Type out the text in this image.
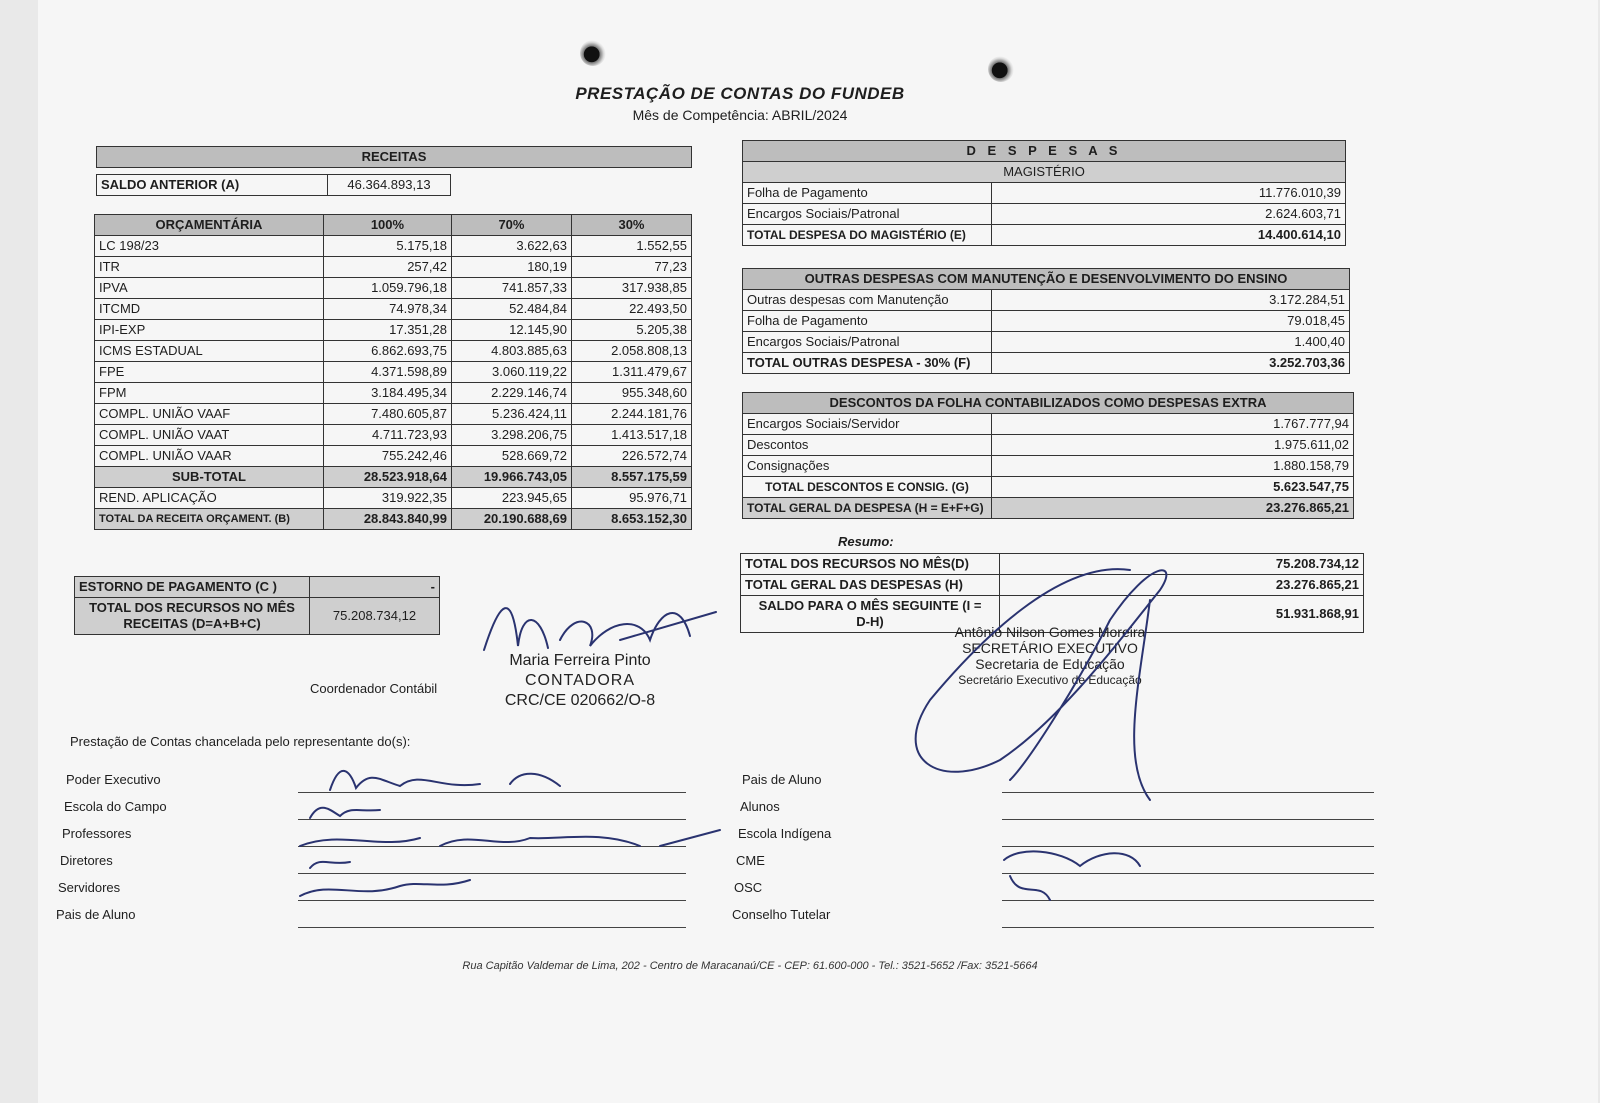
PRESTAÇÃO DE CONTAS DO FUNDEB
Mês de Competência: ABRIL/2024
RECEITAS
SALDO ANTERIOR (A)	46.364.893,13
ORÇAMENTÁRIA	100%	70%	30%
LC 198/23	5.175,18	3.622,63	1.552,55
ITR	257,42	180,19	77,23
IPVA	1.059.796,18	741.857,33	317.938,85
ITCMD	74.978,34	52.484,84	22.493,50
IPI-EXP	17.351,28	12.145,90	5.205,38
ICMS ESTADUAL	6.862.693,75	4.803.885,63	2.058.808,13
FPE	4.371.598,89	3.060.119,22	1.311.479,67
FPM	3.184.495,34	2.229.146,74	955.348,60
COMPL. UNIÃO VAAF	7.480.605,87	5.236.424,11	2.244.181,76
COMPL. UNIÃO VAAT	4.711.723,93	3.298.206,75	1.413.517,18
COMPL. UNIÃO VAAR	755.242,46	528.669,72	226.572,74
SUB-TOTAL	28.523.918,64	19.966.743,05	8.557.175,59
REND. APLICAÇÃO	319.922,35	223.945,65	95.976,71
TOTAL DA RECEITA ORÇAMENT. (B)	28.843.840,99	20.190.688,69	8.653.152,30
ESTORNO DE PAGAMENTO (C )	-
TOTAL DOS RECURSOS NO MÊS
RECEITAS (D=A+B+C)	75.208.734,12
D E S P E S A S	
MAGISTÉRIO	
Folha de Pagamento	11.776.010,39
Encargos Sociais/Patronal	2.624.603,71
TOTAL DESPESA DO MAGISTÉRIO (E)	14.400.614,10
OUTRAS DESPESAS COM MANUTENÇÃO E DESENVOLVIMENTO DO ENSINO	
Outras despesas com Manutenção	3.172.284,51
Folha de Pagamento	79.018,45
Encargos Sociais/Patronal	1.400,40
TOTAL OUTRAS DESPESA - 30% (F)	3.252.703,36
DESCONTOS DA FOLHA CONTABILIZADOS COMO DESPESAS EXTRA	
Encargos Sociais/Servidor	1.767.777,94
Descontos	1.975.611,02
Consignações	1.880.158,79
TOTAL DESCONTOS E CONSIG. (G)	5.623.547,75
TOTAL GERAL DA DESPESA (H = E+F+G)	23.276.865,21
Resumo:
TOTAL DOS RECURSOS NO MÊS(D)	75.208.734,12
TOTAL GERAL DAS DESPESAS (H)	23.276.865,21
SALDO PARA O MÊS SEGUINTE (I =
D-H)	51.931.868,91
Coordenador Contábil
Maria Ferreira Pinto
CONTADORA
CRC/CE 020662/O-8
Antônio Nilson Gomes Moreira
SECRETÁRIO EXECUTIVO
Secretaria de Educação
Secretário Executivo de Educação
Prestação de Contas chancelada pelo representante do(s):
Poder Executivo
Escola do Campo
Professores
Diretores
Servidores
Pais de Aluno
Pais de Aluno
Alunos
Escola Indígena
CME
OSC
Conselho Tutelar
Rua Capitão Valdemar de Lima, 202 - Centro de Maracanaú/CE - CEP: 61.600-000 - Tel.: 3521-5652 /Fax: 3521-5664
